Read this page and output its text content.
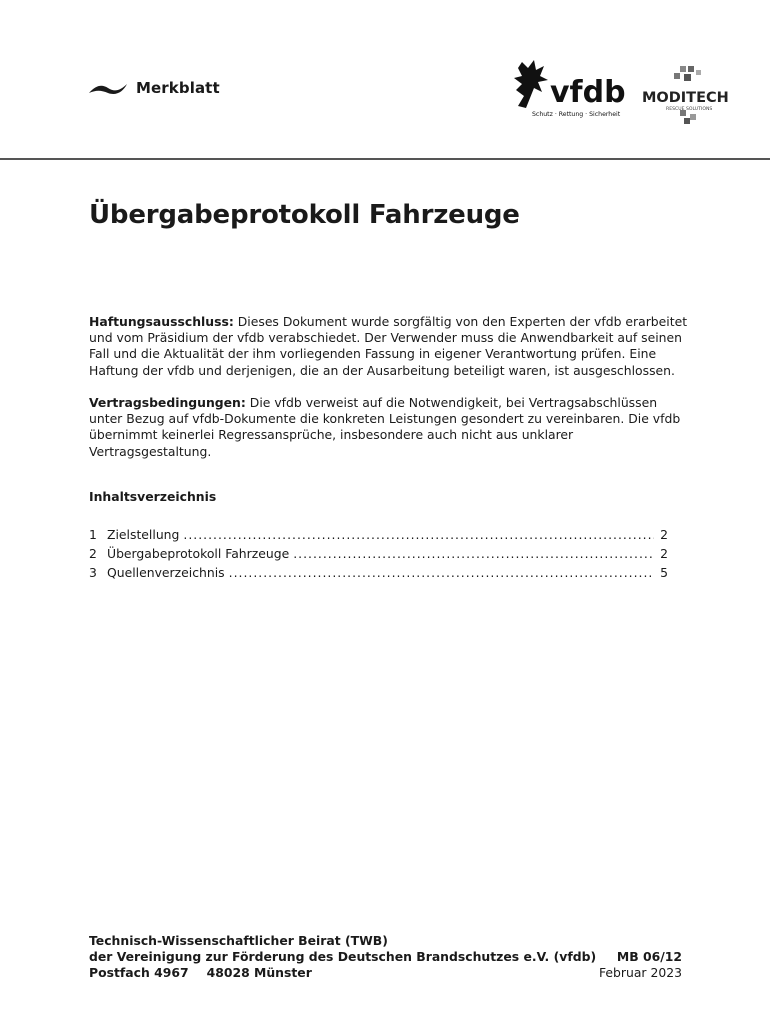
Merkblatt	vfdb
Schutz · Rettung · Sicherheit
MODITECH
RESCUE SOLUTIONS
Übergabeprotokoll Fahrzeuge

Haftungsausschluss: Dieses Dokument wurde sorgfältig von den Experten der vfdb erarbeitet und vom Präsidium der vfdb verabschiedet. Der Verwender muss die Anwendbarkeit auf seinen Fall und die Aktualität der ihm vorliegenden Fassung in eigener Verantwortung prüfen. Eine Haftung der vfdb und derjenigen, die an der Ausarbeitung beteiligt waren, ist ausgeschlossen.

Vertragsbedingungen: Die vfdb verweist auf die Notwendigkeit, bei Vertragsabschlüssen unter Bezug auf vfdb-Dokumente die konkreten Leistungen gesondert zu vereinbaren. Die vfdb übernimmt keinerlei Regressansprüche, insbesondere auch nicht aus unklarer Vertragsgestaltung.

Inhaltsverzeichnis
1 Zielstellung .....	2
2 Übergabeprotokoll Fahrzeuge .....	2
3 Quellenverzeichnis .....	5
Technisch-Wissenschaftlicher Beirat (TWB)
der Vereinigung zur Förderung des Deutschen Brandschutzes e.V. (vfdb)
Postfach 4967 48028 Münster
MB 06/12
Februar 2023
